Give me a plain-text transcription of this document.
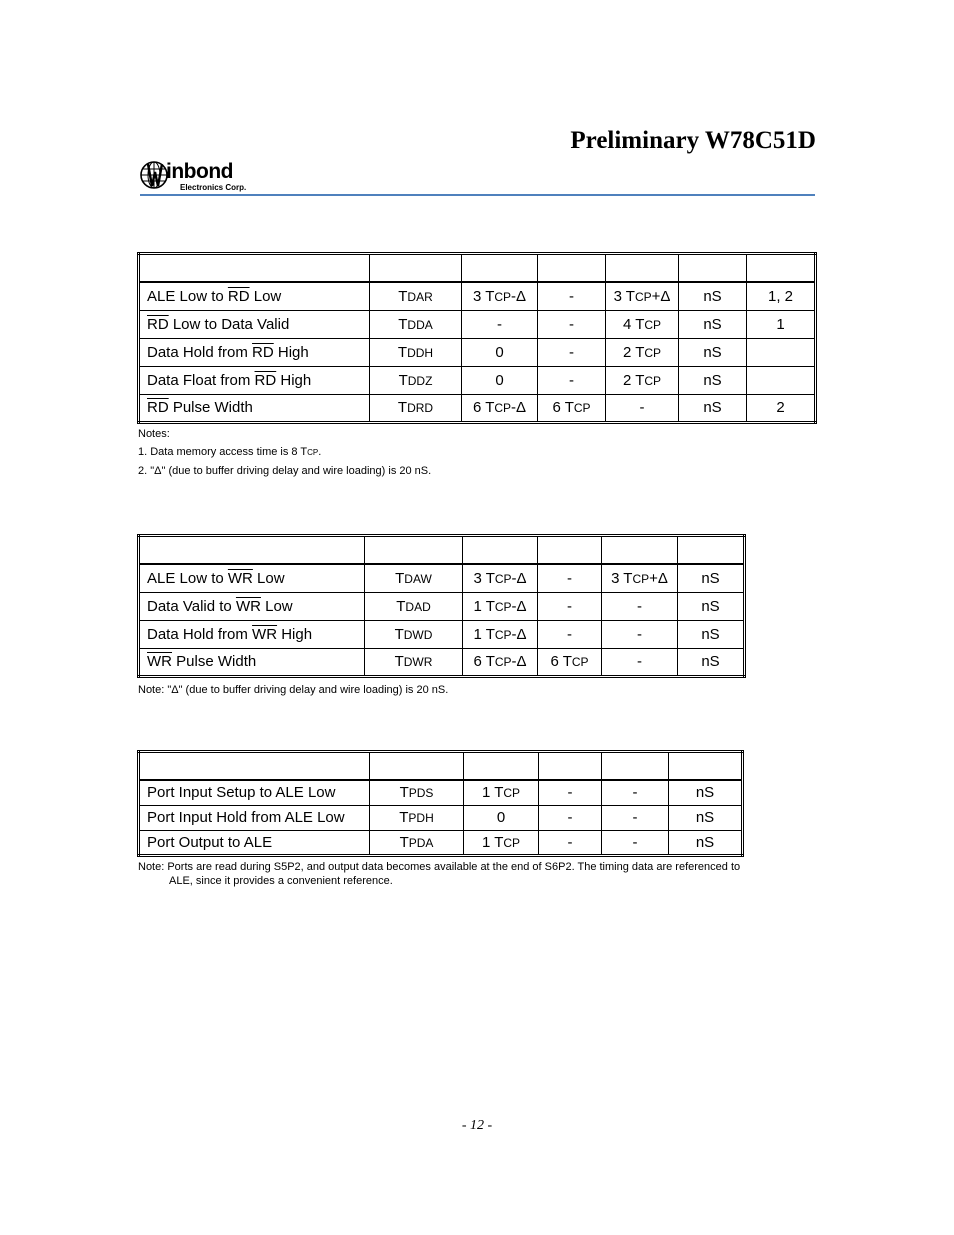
Preliminary W78C51D
inbond
Electronics Corp.

ALE Low to $\overline{RD}$ Low	TDAR	3 TCP-Δ	-	3 TCP+Δ	nS	1, 2
$\overline{RD}$ Low to Data Valid	TDDA	-	-	4 TCP	nS	1
Data Hold from $\overline{RD}$ High	TDDH	0	-	2 TCP	nS	
Data Float from $\overline{RD}$ High	TDDZ	0	-	2 TCP	nS	
$\overline{RD}$ Pulse Width	TDRD	6 TCP-Δ	6 TCP	-	nS	2
Notes:
1. Data memory access time is 8 TCP.
2. "Δ" (due to buffer driving delay and wire loading) is 20 nS.

ALE Low to $\overline{WR}$ Low	TDAW	3 TCP-Δ	-	3 TCP+Δ	nS
Data Valid to $\overline{WR}$ Low	TDAD	1 TCP-Δ	-	-	nS
Data Hold from $\overline{WR}$ High	TDWD	1 TCP-Δ	-	-	nS
$\overline{WR}$ Pulse Width	TDWR	6 TCP-Δ	6 TCP	-	nS
Note: "Δ" (due to buffer driving delay and wire loading) is 20 nS.

Port Input Setup to ALE Low	TPDS	1 TCP	-	-	nS
Port Input Hold from ALE Low	TPDH	0	-	-	nS
Port Output to ALE	TPDA	1 TCP	-	-	nS
Note: Ports are read during S5P2, and output data becomes available at the end of S6P2. The timing data are referenced to
ALE, since it provides a convenient reference.
- 12 -
